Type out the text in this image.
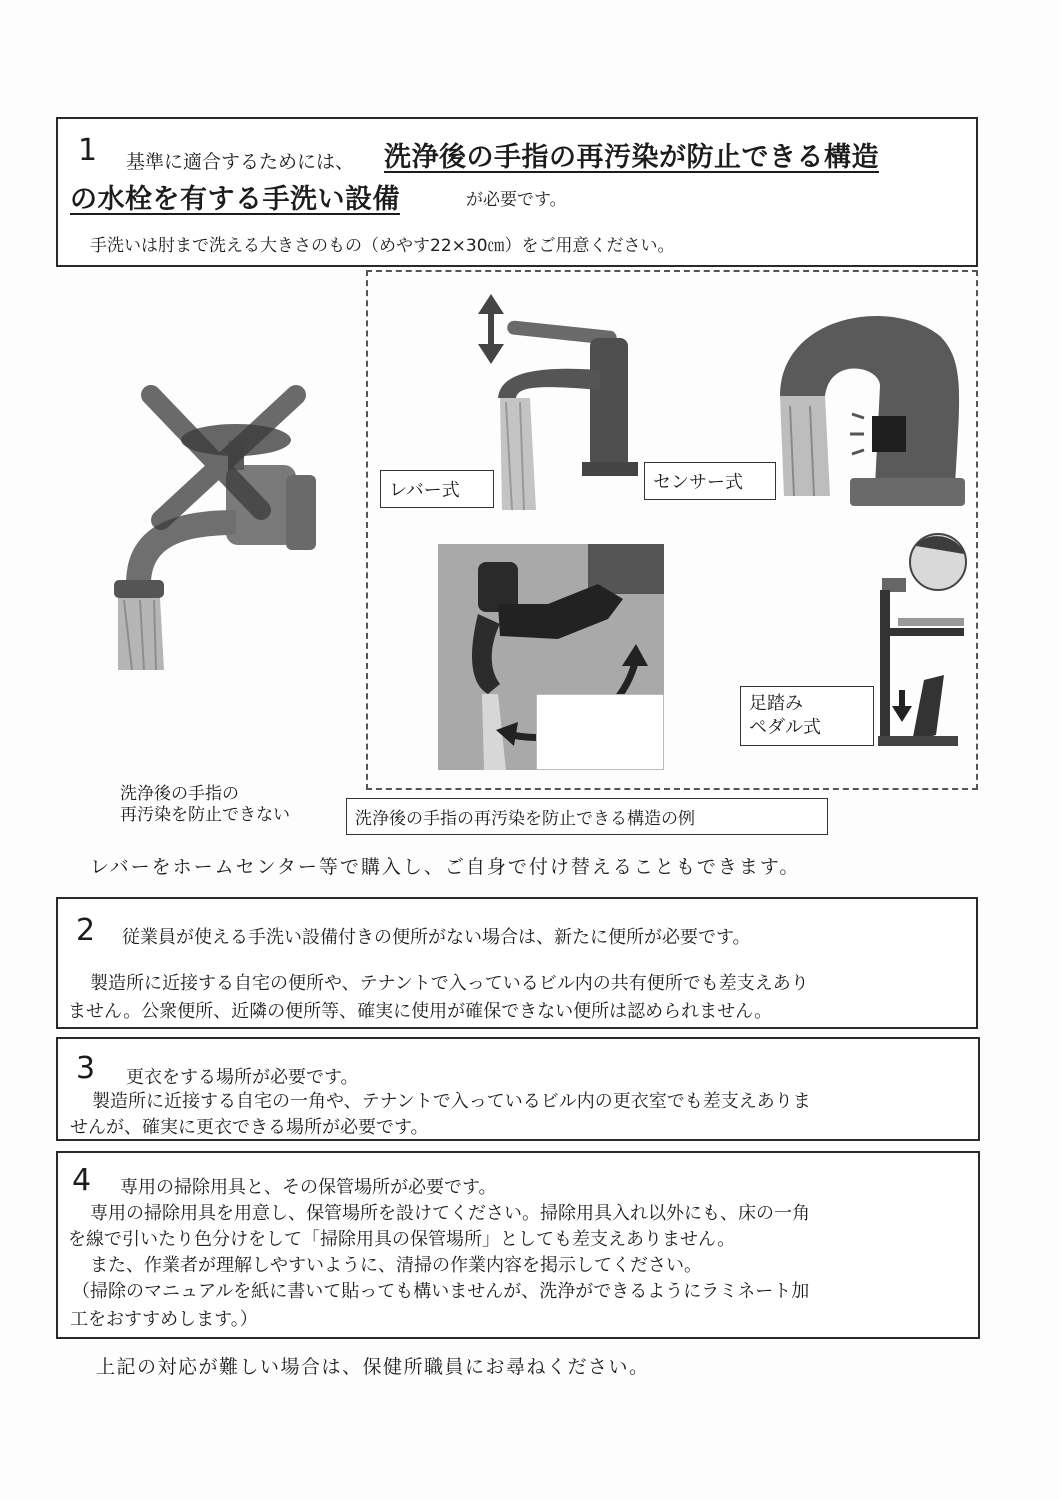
1 基準に適合するためには、 洗浄後の手指の再汚染が防止できる構造
の水栓を有する手洗い設備	が必要です。
手洗いは肘まで洗える大きさのもの（めやす22×30㎝）をご用意ください。
洗浄後の手指の
再汚染を防止できない
レバー式	センサー式
足踏み
ペダル式
洗浄後の手指の再汚染を防止できる構造の例
レバーをホームセンター等で購入し、ご自身で付け替えることもできます。
2 従業員が使える手洗い設備付きの便所がない場合は、新たに便所が必要です。
製造所に近接する自宅の便所や、テナントで入っているビル内の共有便所でも差支えあり
ません。公衆便所、近隣の便所等、確実に使用が確保できない便所は認められません。
3 更衣をする場所が必要です。
製造所に近接する自宅の一角や、テナントで入っているビル内の更衣室でも差支えありま
せんが、確実に更衣できる場所が必要です。
4 専用の掃除用具と、その保管場所が必要です。
専用の掃除用具を用意し、保管場所を設けてください。掃除用具入れ以外にも、床の一角
を線で引いたり色分けをして「掃除用具の保管場所」としても差支えありません。
また、作業者が理解しやすいように、清掃の作業内容を掲示してください。
（掃除のマニュアルを紙に書いて貼っても構いませんが、洗浄ができるようにラミネート加
工をおすすめします。）
上記の対応が難しい場合は、保健所職員にお尋ねください。
